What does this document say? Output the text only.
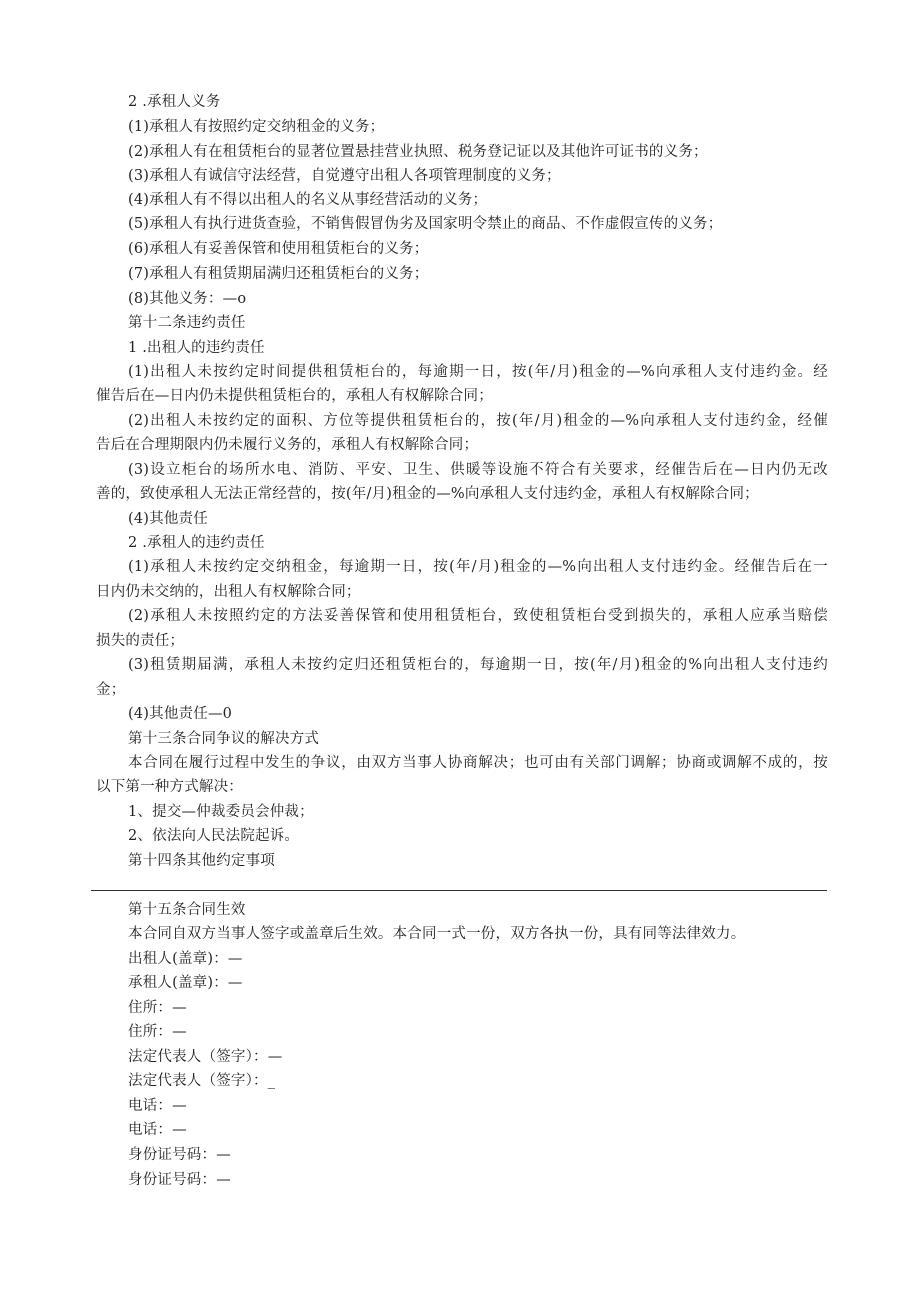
2 .承租人义务
(1)承租人有按照约定交纳租金的义务；
(2)承租人有在租赁柜台的显著位置悬挂营业执照、税务登记证以及其他许可证书的义务；
(3)承租人有诚信守法经营，自觉遵守出租人各项管理制度的义务；
(4)承租人有不得以出租人的名义从事经营活动的义务；
(5)承租人有执行进货查验，不销售假冒伪劣及国家明令禁止的商品、不作虚假宣传的义务；
(6)承租人有妥善保管和使用租赁柜台的义务；
(7)承租人有租赁期届满归还租赁柜台的义务；
(8)其他义务：—o
第十二条违约责任
1 .出租人的违约责任
(1)出租人未按约定时间提供租赁柜台的，每逾期一日，按(年/月)租金的—%向承租人支付违约金。经
催告后在—日内仍未提供租赁柜台的，承租人有权解除合同；
(2)出租人未按约定的面积、方位等提供租赁柜台的，按(年/月)租金的—%向承租人支付违约金，经催
告后在合理期限内仍未履行义务的，承租人有权解除合同；
(3)设立柜台的场所水电、消防、平安、卫生、供暖等设施不符合有关要求，经催告后在—日内仍无改
善的，致使承租人无法正常经营的，按(年/月)租金的—%向承租人支付违约金，承租人有权解除合同；
(4)其他责任
2 .承租人的违约责任
(1)承租人未按约定交纳租金，每逾期一日，按(年/月)租金的—%向出租人支付违约金。经催告后在一
日内仍未交纳的，出租人有权解除合同；
(2)承租人未按照约定的方法妥善保管和使用租赁柜台，致使租赁柜台受到损失的，承租人应承当赔偿
损失的责任；
(3)租赁期届满，承租人未按约定归还租赁柜台的，每逾期一日，按(年/月)租金的%向出租人支付违约
金；
(4)其他责任—0
第十三条合同争议的解决方式
本合同在履行过程中发生的争议，由双方当事人协商解决；也可由有关部门调解；协商或调解不成的，按
以下第一种方式解决：
1、提交—仲裁委员会仲裁；
2、依法向人民法院起诉。
第十四条其他约定事项
第十五条合同生效
本合同自双方当事人签字或盖章后生效。本合同一式一份，双方各执一份，具有同等法律效力。
出租人(盖章)：—
承租人(盖章)：—
住所：—
住所：—
法定代表人（签字）：—
法定代表人（签字）：_
电话：—
电话：—
身份证号码：—
身份证号码：—
